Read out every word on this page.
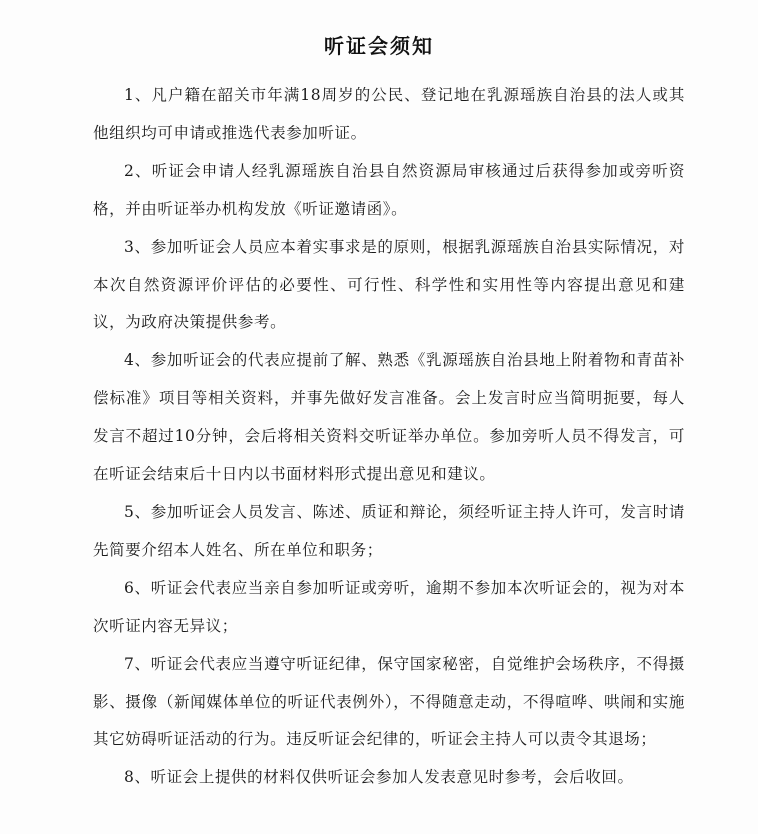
听证会须知

1、凡户籍在韶关市年满18周岁的公民、登记地在乳源瑶族自治县的法人或其他组织均可申请或推选代表参加听证。

2、听证会申请人经乳源瑶族自治县自然资源局审核通过后获得参加或旁听资格，并由听证举办机构发放《听证邀请函》。

3、参加听证会人员应本着实事求是的原则，根据乳源瑶族自治县实际情况，对本次自然资源评价评估的必要性、可行性、科学性和实用性等内容提出意见和建议，为政府决策提供参考。

4、参加听证会的代表应提前了解、熟悉《乳源瑶族自治县地上附着物和青苗补偿标准》项目等相关资料，并事先做好发言准备。会上发言时应当简明扼要，每人发言不超过10分钟，会后将相关资料交听证举办单位。参加旁听人员不得发言，可在听证会结束后十日内以书面材料形式提出意见和建议。

5、参加听证会人员发言、陈述、质证和辩论，须经听证主持人许可，发言时请先简要介绍本人姓名、所在单位和职务；

6、听证会代表应当亲自参加听证或旁听，逾期不参加本次听证会的，视为对本次听证内容无异议；

7、听证会代表应当遵守听证纪律，保守国家秘密，自觉维护会场秩序，不得摄影、摄像（新闻媒体单位的听证代表例外），不得随意走动，不得喧哗、哄闹和实施其它妨碍听证活动的行为。违反听证会纪律的，听证会主持人可以责令其退场；

8、听证会上提供的材料仅供听证会参加人发表意见时参考，会后收回。
